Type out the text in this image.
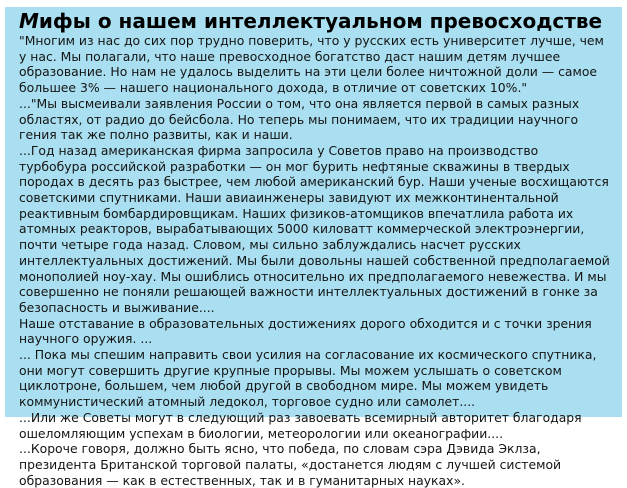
Мифы о нашем интеллектуальном превосходстве

"Многим из нас до сих пор трудно поверить, что у русских есть университет лучше, чем у нас. Мы полагали, что наше превосходное богатство даст нашим детям лучшее образование. Но нам не удалось выделить на эти цели более ничтожной доли — самое большее 3% — нашего национального дохода, в отличие от советских 10%."

..."Мы высмеивали заявления России о том, что она является первой в самых разных областях, от радио до бейсбола. Но теперь мы понимаем, что их традиции научного гения так же полно развиты, как и наши.

...Год назад американская фирма запросила у Советов право на производство турбобура российской разработки — он мог бурить нефтяные скважины в твердых породах в десять раз быстрее, чем любой американский бур. Наши ученые восхищаются советскими спутниками. Наши авиаинженеры завидуют их межконтинентальной реактивным бомбардировщикам. Наших физиков-атомщиков впечатлила работа их атомных реакторов, вырабатывающих 5000 киловатт коммерческой электроэнергии, почти четыре года назад. Словом, мы сильно заблуждались насчет русских интеллектуальных достижений. Мы были довольны нашей собственной предполагаемой монополией ноу-хау. Мы ошиблись относительно их предполагаемого невежества. И мы совершенно не поняли решающей важности интеллектуальных достижений в гонке за безопасность и выживание....

Наше отставание в образовательных достижениях дорого обходится и с точки зрения научного оружия. ...

... Пока мы спешим направить свои усилия на согласование их космического спутника, они могут совершить другие крупные прорывы. Мы можем услышать о советском циклотроне, большем, чем любой другой в свободном мире. Мы можем увидеть коммунистический атомный ледокол, торговое судно или самолет....

...Или же Советы могут в следующий раз завоевать всемирный авторитет благодаря ошеломляющим успехам в биологии, метеорологии или океанографии....

...Короче говоря, должно быть ясно, что победа, по словам сэра Дэвида Эклза, президента Британской торговой палаты, «достанется людям с лучшей системой образования — как в естественных, так и в гуманитарных науках».
